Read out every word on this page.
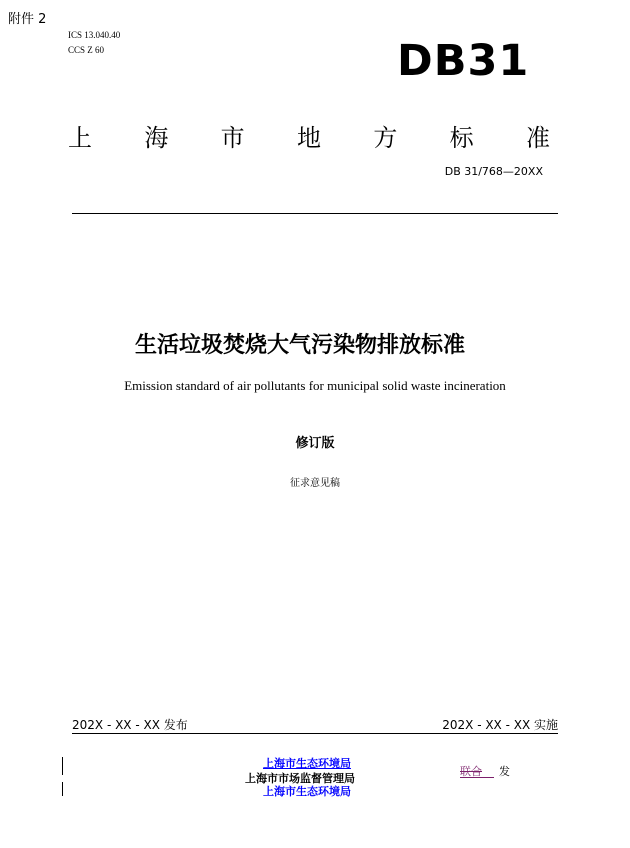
附件 2
ICS 13.040.40
CCS Z 60	DB31
上 海 市 地 方 标 准
DB 31/768—20XX
生活垃圾焚烧大气污染物排放标准
Emission standard of air pollutants for municipal solid waste incineration
修订版
征求意见稿
202X - XX - XX 发布	202X - XX - XX 实施
上海市生态环境局
上海市市场监督管理局
上海市生态环境局
联合 发
